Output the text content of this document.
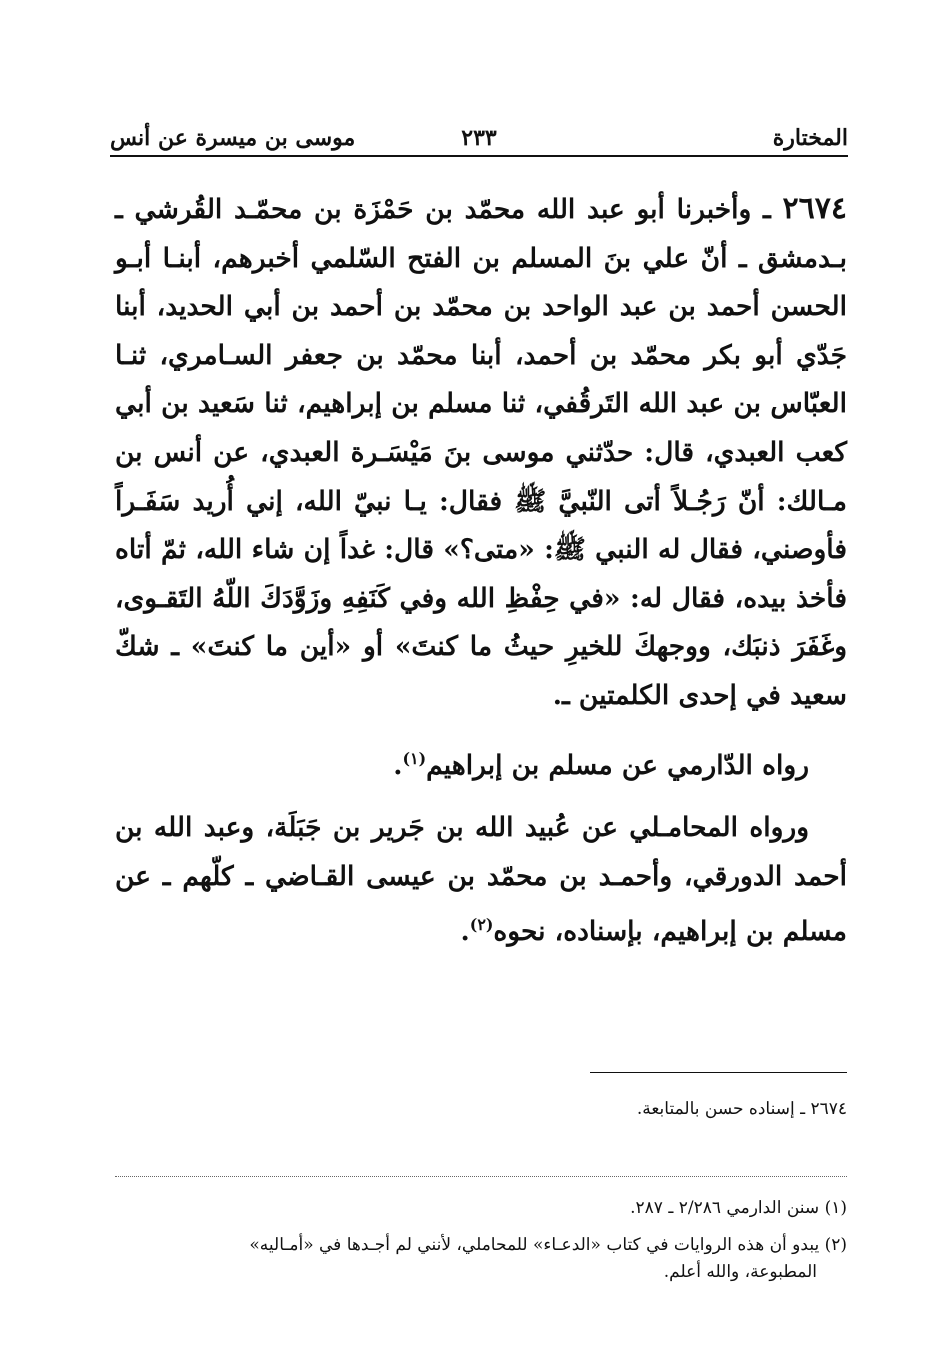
المختارة
٢٣٣
موسى بن ميسرة عن أنس

٢٦٧٤ ـ وأخبرنا أبو عبد الله محمّد بن حَمْزَة بن محمّـد القُرشي ـ بـدمشق ـ أنّ علي بنَ المسلم بن الفتح السّلمي أخبرهم، أبنـا أبـو الحسن أحمد بن عبد الواحد بن محمّد بن أحمد بن أبي الحديد، أبنا جَدّي أبو بكر محمّد بن أحمد، أبنا محمّد بن جعفر السـامري، ثنـا العبّاس بن عبد الله التَرقُفي، ثنا مسلم بن إبراهيم، ثنا سَعيد بن أبي كعب العبدي، قال: حدّثني موسى بنَ مَيْسَـرة العبدي، عن أنس بن مـالك: أنّ رَجُـلاً أتى النّبيَّ ﷺ فقال: يـا نبيّ الله، إني أُريد سَفَـراً فأوصني، فقال له النبي ﷺ: «متى؟» قال: غداً إن شاء الله، ثمّ أتاه فأخذ بيده، فقال له: «في حِفْظِ الله وفي كَنَفِهِ وزَوَّدَكَ اللّهُ التَقـوى، وغَفَرَ ذنبَك، ووجهكَ للخيرِ حيثُ ما كنتَ» أو «أين ما كنتَ» ـ شكّ سعيد في إحدى الكلمتين ـ.

رواه الدّارمي عن مسلم بن إبراهيم$^{(١)}$.

ورواه المحامـلي عن عُبيد الله بن جَرير بن جَبَلَة، وعبد الله بن أحمد الدورقي، وأحمـد بن محمّد بن عيسى القـاضي ـ كلّهم ـ عن مسلم بن إبراهيم، بإسناده، نحوه$^{(٢)}$.

٢٦٧٤ ـ إسناده حسن بالمتابعة.
(١) سنن الدارمي ٢/٢٨٦ ـ ٢٨٧.
(٢) يبدو أن هذه الروايات في كتاب «الدعـاء» للمحاملي، لأنني لم أجـدها في «أمـاليه»
المطبوعة، والله أعلم.
